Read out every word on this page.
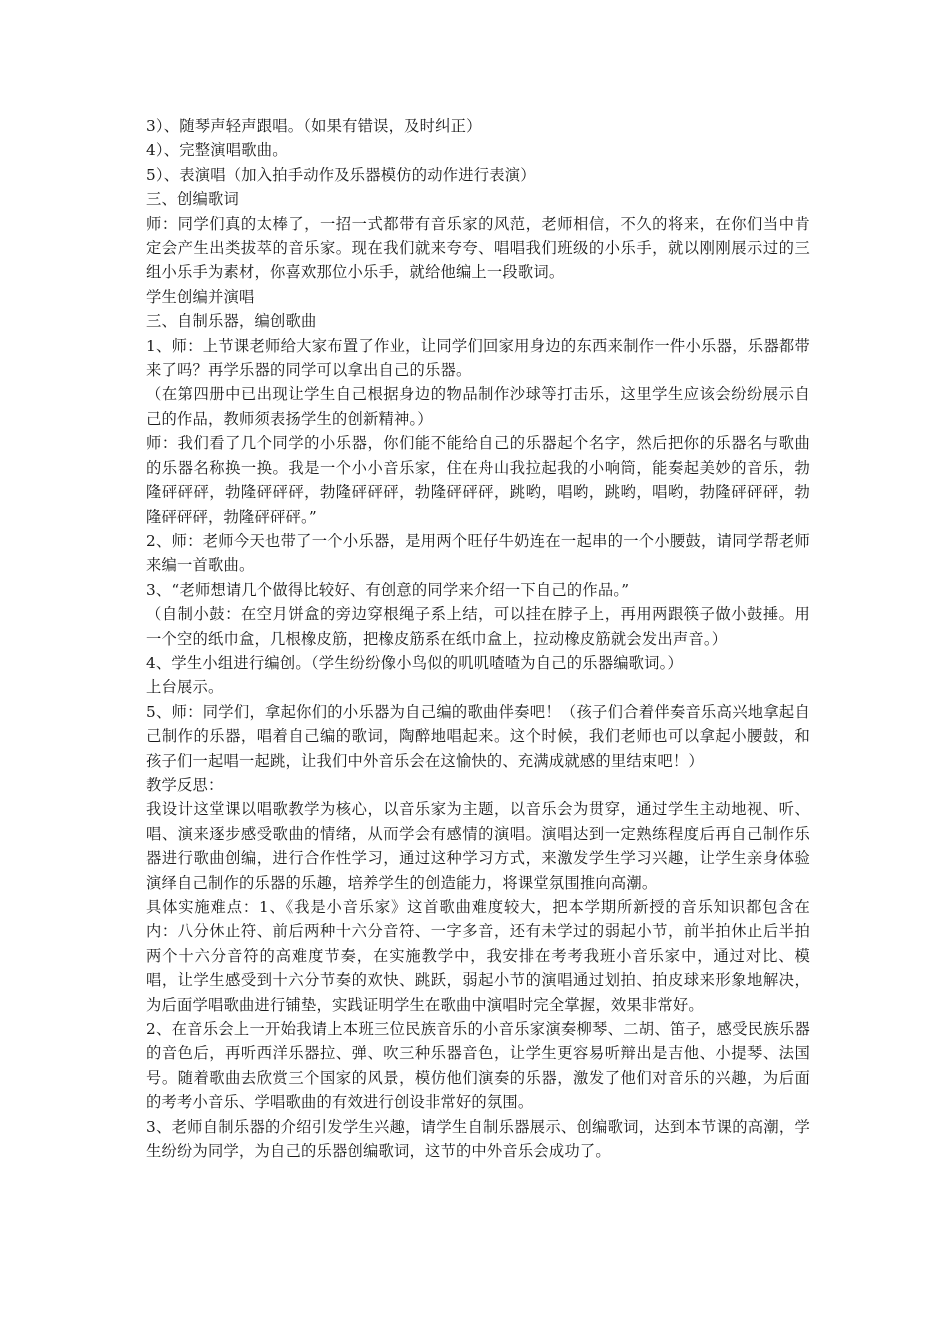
3）、随琴声轻声跟唱。（如果有错误，及时纠正）

4）、完整演唱歌曲。

5）、表演唱（加入拍手动作及乐器模仿的动作进行表演）

三、创编歌词

师：同学们真的太棒了，一招一式都带有音乐家的风范，老师相信，不久的将来，在你们当中肯定会产生出类拔萃的音乐家。现在我们就来夸夸、唱唱我们班级的小乐手，就以刚刚展示过的三组小乐手为素材，你喜欢那位小乐手，就给他编上一段歌词。

学生创编并演唱

三、自制乐器，编创歌曲

1、师：上节课老师给大家布置了作业，让同学们回家用身边的东西来制作一件小乐器，乐器都带来了吗？再学乐器的同学可以拿出自己的乐器。

（在第四册中已出现让学生自己根据身边的物品制作沙球等打击乐，这里学生应该会纷纷展示自己的作品，教师须表扬学生的创新精神。）

师：我们看了几个同学的小乐器，你们能不能给自己的乐器起个名字，然后把你的乐器名与歌曲的乐器名称换一换。我是一个小小音乐家，住在舟山我拉起我的小响筒，能奏起美妙的音乐，勃隆砰砰砰，勃隆砰砰砰，勃隆砰砰砰，勃隆砰砰砰，跳哟，唱哟，跳哟，唱哟，勃隆砰砰砰，勃隆砰砰砰，勃隆砰砰砰。”

2、师：老师今天也带了一个小乐器，是用两个旺仔牛奶连在一起串的一个小腰鼓，请同学帮老师来编一首歌曲。

3、“老师想请几个做得比较好、有创意的同学来介绍一下自己的作品。”

（自制小鼓：在空月饼盒的旁边穿根绳子系上结，可以挂在脖子上，再用两跟筷子做小鼓捶。用一个空的纸巾盒，几根橡皮筋，把橡皮筋系在纸巾盒上，拉动橡皮筋就会发出声音。）

4、学生小组进行编创。（学生纷纷像小鸟似的叽叽喳喳为自己的乐器编歌词。）

上台展示。

5、师：同学们，拿起你们的小乐器为自己编的歌曲伴奏吧！（孩子们合着伴奏音乐高兴地拿起自己制作的乐器，唱着自己编的歌词，陶醉地唱起来。这个时候，我们老师也可以拿起小腰鼓，和孩子们一起唱一起跳，让我们中外音乐会在这愉快的、充满成就感的里结束吧！）

教学反思：

我设计这堂课以唱歌教学为核心，以音乐家为主题，以音乐会为贯穿，通过学生主动地视、听、唱、演来逐步感受歌曲的情绪，从而学会有感情的演唱。演唱达到一定熟练程度后再自己制作乐器进行歌曲创编，进行合作性学习，通过这种学习方式，来激发学生学习兴趣，让学生亲身体验演绎自己制作的乐器的乐趣，培养学生的创造能力，将课堂氛围推向高潮。

具体实施难点：1、《我是小音乐家》这首歌曲难度较大，把本学期所新授的音乐知识都包含在内：八分休止符、前后两种十六分音符、一字多音，还有未学过的弱起小节，前半拍休止后半拍两个十六分音符的高难度节奏，在实施教学中，我安排在考考我班小音乐家中，通过对比、模唱，让学生感受到十六分节奏的欢快、跳跃，弱起小节的演唱通过划拍、拍皮球来形象地解决，为后面学唱歌曲进行铺垫，实践证明学生在歌曲中演唱时完全掌握，效果非常好。

2、在音乐会上一开始我请上本班三位民族音乐的小音乐家演奏柳琴、二胡、笛子，感受民族乐器的音色后，再听西洋乐器拉、弹、吹三种乐器音色，让学生更容易听辩出是吉他、小提琴、法国号。随着歌曲去欣赏三个国家的风景，模仿他们演奏的乐器，激发了他们对音乐的兴趣，为后面的考考小音乐、学唱歌曲的有效进行创设非常好的氛围。

3、老师自制乐器的介绍引发学生兴趣，请学生自制乐器展示、创编歌词，达到本节课的高潮，学生纷纷为同学，为自己的乐器创编歌词，这节的中外音乐会成功了。
